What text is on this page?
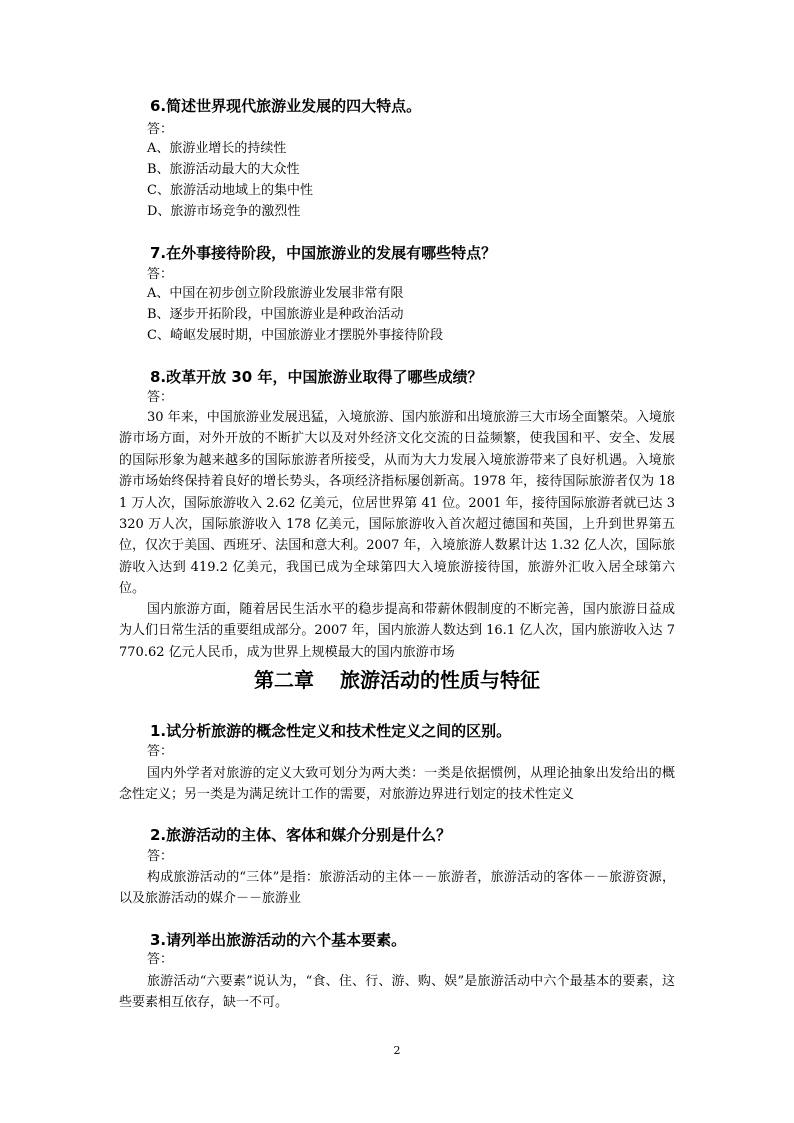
6.简述世界现代旅游业发展的四大特点。
答：
A、旅游业增长的持续性
B、旅游活动最大的大众性
C、旅游活动地域上的集中性
D、旅游市场竞争的激烈性
7.在外事接待阶段，中国旅游业的发展有哪些特点？
答：
A、中国在初步创立阶段旅游业发展非常有限
B、逐步开拓阶段，中国旅游业是种政治活动
C、崎岖发展时期，中国旅游业才摆脱外事接待阶段
8.改革开放 30 年，中国旅游业取得了哪些成绩？
答：

30 年来，中国旅游业发展迅猛，入境旅游、国内旅游和出境旅游三大市场全面繁荣。入境旅游市场方面，对外开放的不断扩大以及对外经济文化交流的日益频繁，使我国和平、安全、发展的国际形象为越来越多的国际旅游者所接受，从而为大力发展入境旅游带来了良好机遇。入境旅游市场始终保持着良好的增长势头，各项经济指标屡创新高。1978 年，接待国际旅游者仅为 181 万人次，国际旅游收入 2.62 亿美元，位居世界第 41 位。2001 年，接待国际旅游者就已达 3 320 万人次，国际旅游收入 178 亿美元，国际旅游收入首次超过德国和英国，上升到世界第五位，仅次于美国、西班牙、法国和意大利。2007 年，入境旅游人数累计达 1.32 亿人次，国际旅游收入达到 419.2 亿美元，我国已成为全球第四大入境旅游接待国，旅游外汇收入居全球第六位。

国内旅游方面，随着居民生活水平的稳步提高和带薪休假制度的不断完善，国内旅游日益成为人们日常生活的重要组成部分。2007 年，国内旅游人数达到 16.1 亿人次，国内旅游收入达 7 770.62 亿元人民币，成为世界上规模最大的国内旅游市场

第二章 旅游活动的性质与特征
1.试分析旅游的概念性定义和技术性定义之间的区别。
答：

国内外学者对旅游的定义大致可划分为两大类：一类是依据惯例，从理论抽象出发给出的概念性定义；另一类是为满足统计工作的需要，对旅游边界进行划定的技术性定义

2.旅游活动的主体、客体和媒介分别是什么？
答：

构成旅游活动的“三体”是指：旅游活动的主体－－旅游者，旅游活动的客体－－旅游资源，以及旅游活动的媒介－－旅游业

3.请列举出旅游活动的六个基本要素。
答：

旅游活动“六要素”说认为，“食、住、行、游、购、娱”是旅游活动中六个最基本的要素，这些要素相互依存，缺一不可。

2
